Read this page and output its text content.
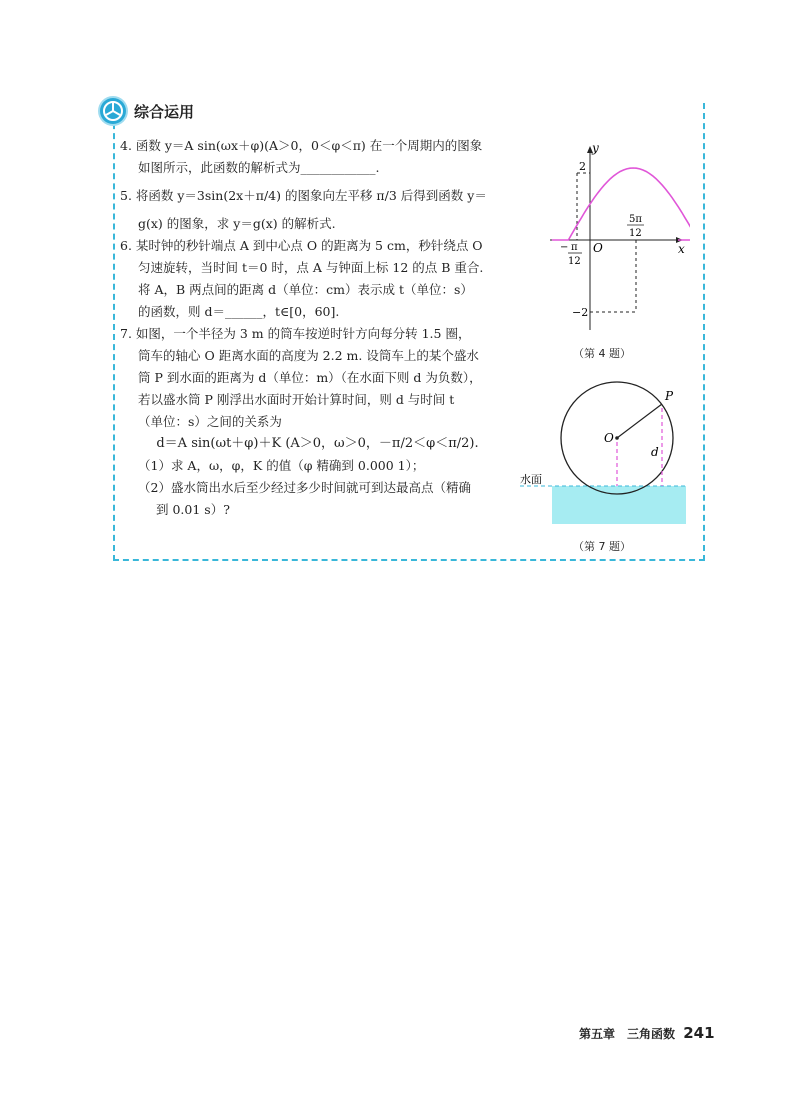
综合运用

4. 函数 y＝A sin(ωx＋φ)(A＞0，0＜φ＜π) 在一个周期内的图象

如图所示，此函数的解析式为____________.

5. 将函数 y＝3sin(2x＋π/4) 的图象向左平移 π/3 后得到函数 y＝

g(x) 的图象，求 y＝g(x) 的解析式.

6. 某时钟的秒针端点 A 到中心点 O 的距离为 5 cm，秒针绕点 O

匀速旋转，当时间 t＝0 时，点 A 与钟面上标 12 的点 B 重合.

将 A，B 两点间的距离 d（单位：cm）表示成 t（单位：s）

的函数，则 d＝______，t∈[0，60].

7. 如图，一个半径为 3 m 的筒车按逆时针方向每分转 1.5 圈，

筒车的轴心 O 距离水面的高度为 2.2 m. 设筒车上的某个盛水

筒 P 到水面的距离为 d（单位：m）（在水面下则 d 为负数），

若以盛水筒 P 刚浮出水面时开始计算时间，则 d 与时间 t

（单位：s）之间的关系为

d＝A sin(ωt＋φ)＋K (A＞0，ω＞0，－π/2＜φ＜π/2).

（1）求 A，ω，φ，K 的值（φ 精确到 0.000 1）；

（2）盛水筒出水后至少经过多少时间就可到达最高点（精确

到 0.01 s）?

y
x
O
2
−2
− π
12
5π
12
（第 4 题）
O
P
d
水面
（第 7 题）
第五章　三角函数 241
